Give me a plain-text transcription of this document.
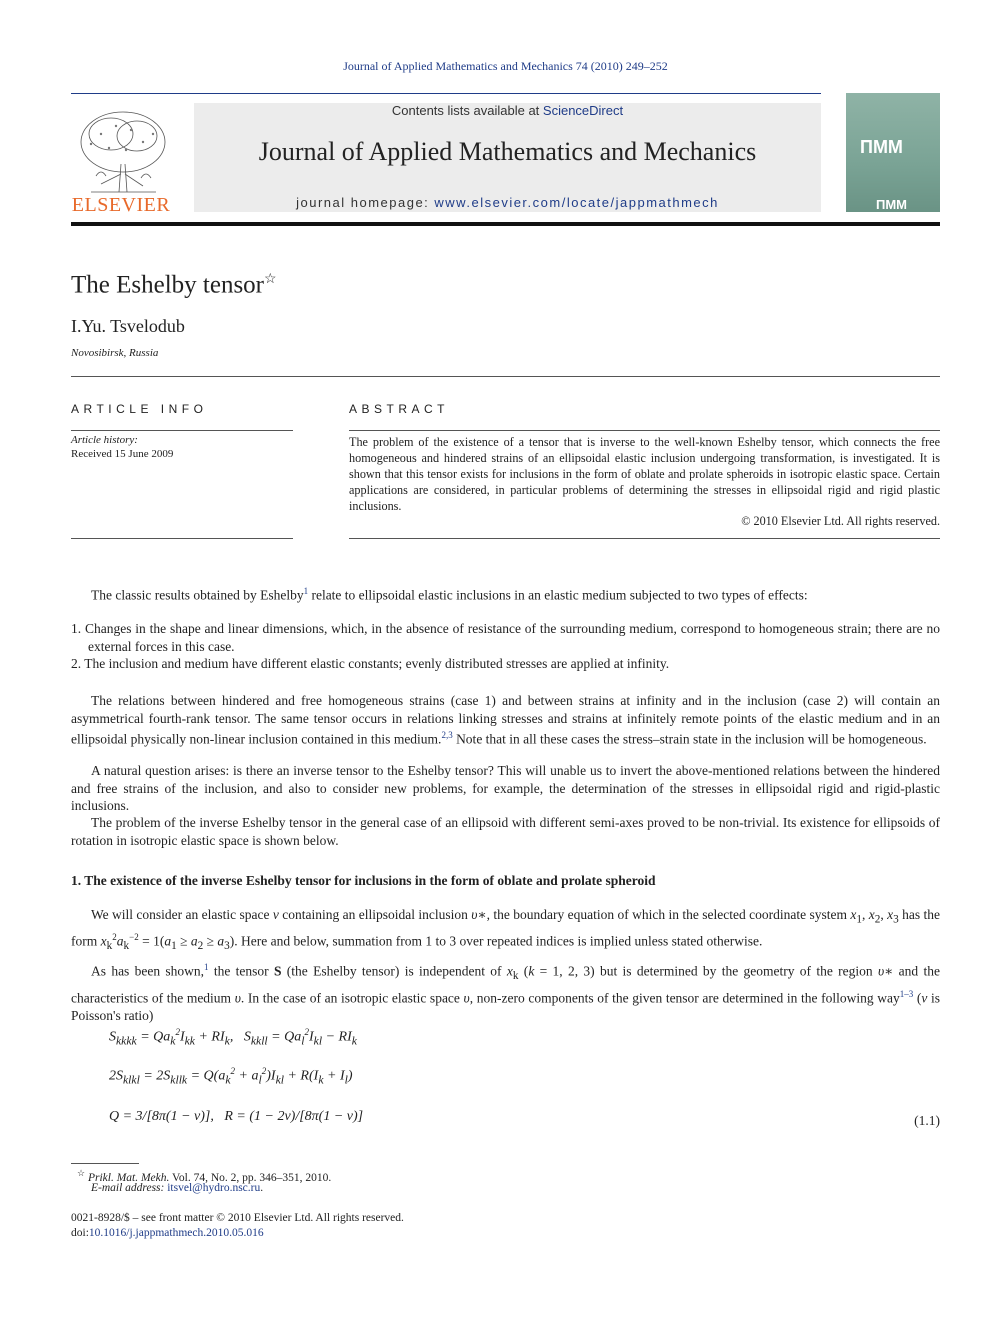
Journal of Applied Mathematics and Mechanics 74 (2010) 249–252
ELSEVIER
Contents lists available at ScienceDirect
Journal of Applied Mathematics and Mechanics
journal homepage: www.elsevier.com/locate/jappmathmech
ПММ
ПММ
The Eshelby tensor☆
I.Yu. Tsvelodub
Novosibirsk, Russia
ARTICLE INFO	ABSTRACT
Article history:
Received 15 June 2009
The problem of the existence of a tensor that is inverse to the well-known Eshelby tensor, which connects the free homogeneous and hindered strains of an ellipsoidal elastic inclusion undergoing transformation, is investigated. It is shown that this tensor exists for inclusions in the form of oblate and prolate spheroids in isotropic elastic space. Certain applications are considered, in particular problems of determining the stresses in ellipsoidal rigid and rigid plastic inclusions.
© 2010 Elsevier Ltd. All rights reserved.
The classic results obtained by Eshelby$^1$ relate to ellipsoidal elastic inclusions in an elastic medium subjected to two types of effects:
1. Changes in the shape and linear dimensions, which, in the absence of resistance of the surrounding medium, correspond to homogeneous strain; there are no external forces in this case.
2. The inclusion and medium have different elastic constants; evenly distributed stresses are applied at infinity.
The relations between hindered and free homogeneous strains (case 1) and between strains at infinity and in the inclusion (case 2) will contain an asymmetrical fourth-rank tensor. The same tensor occurs in relations linking stresses and strains at infinitely remote points of the elastic medium and in an ellipsoidal physically non-linear inclusion contained in this medium.$^{2,3}$ Note that in all these cases the stress–strain state in the inclusion will be homogeneous.
A natural question arises: is there an inverse tensor to the Eshelby tensor? This will unable us to invert the above-mentioned relations between the hindered and free strains of the inclusion, and also to consider new problems, for example, the determination of the stresses in ellipsoidal rigid and rigid-plastic inclusions.
The problem of the inverse Eshelby tensor in the general case of an ellipsoid with different semi-axes proved to be non-trivial. Its existence for ellipsoids of rotation in isotropic elastic space is shown below.
1. The existence of the inverse Eshelby tensor for inclusions in the form of oblate and prolate spheroid
We will consider an elastic space v containing an ellipsoidal inclusion υ∗, the boundary equation of which in the selected coordinate system $x_1$, $x_2$, $x_3$ has the form $x_k^2a_k^{-2} = 1(a_1 \ge a_2 \ge a_3)$. Here and below, summation from 1 to 3 over repeated indices is implied unless stated otherwise.
As has been shown,$^1$ the tensor S (the Eshelby tensor) is independent of $x_k$ (k = 1, 2, 3) but is determined by the geometry of the region υ∗ and the characteristics of the medium υ. In the case of an isotropic elastic space υ, non-zero components of the given tensor are determined in the following way$^{1-3}$ (ν is Poisson's ratio)
$S_{kkkk} = Qa_k^2I_{kk} + RI_k$,   $S_{kkll} = Qa_l^2I_{kl} - RI_k$
$2S_{klkl} = 2S_{kllk} = Q(a_k^2 + a_l^2)I_{kl} + R(I_k + I_l)$
Q = 3/[8π(1 − ν)],   R = (1 − 2ν)/[8π(1 − ν)]	(1.1)
☆ Prikl. Mat. Mekh. Vol. 74, No. 2, pp. 346–351, 2010.
E-mail address: itsvel@hydro.nsc.ru.
0021-8928/$ – see front matter © 2010 Elsevier Ltd. All rights reserved.
doi:10.1016/j.jappmathmech.2010.05.016
